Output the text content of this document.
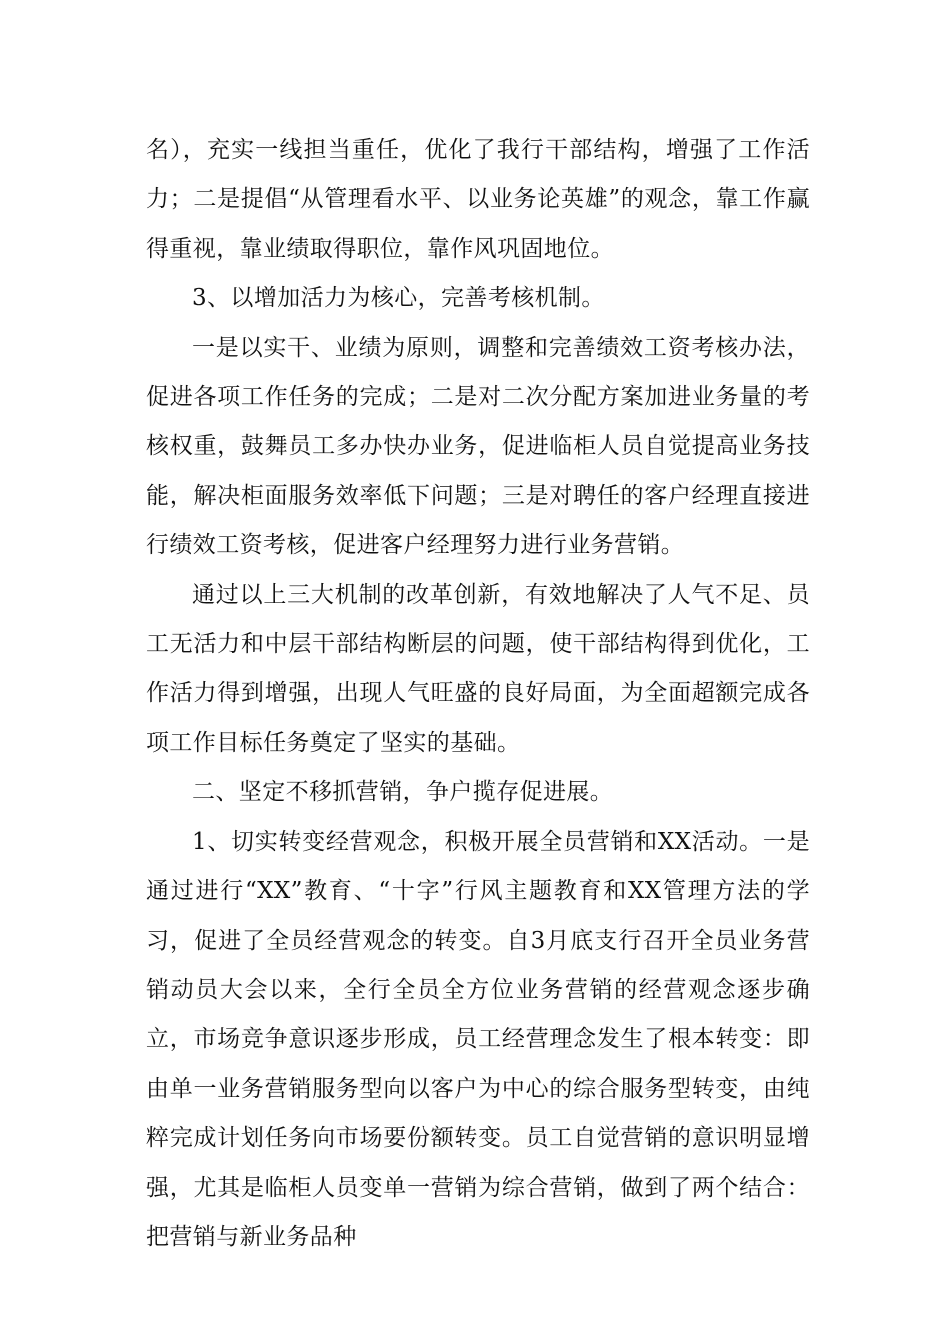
名），充实一线担当重任，优化了我行干部结构，增强了工作活力；二是提倡“从管理看水平、以业务论英雄”的观念，靠工作赢得重视，靠业绩取得职位，靠作风巩固地位。

3、以增加活力为核心，完善考核机制。

一是以实干、业绩为原则，调整和完善绩效工资考核办法，促进各项工作任务的完成；二是对二次分配方案加进业务量的考核权重，鼓舞员工多办快办业务，促进临柜人员自觉提高业务技能，解决柜面服务效率低下问题；三是对聘任的客户经理直接进行绩效工资考核，促进客户经理努力进行业务营销。

通过以上三大机制的改革创新，有效地解决了人气不足、员工无活力和中层干部结构断层的问题，使干部结构得到优化，工作活力得到增强，出现人气旺盛的良好局面，为全面超额完成各项工作目标任务奠定了坚实的基础。

二、坚定不移抓营销，争户揽存促进展。

1、切实转变经营观念，积极开展全员营销和XX活动。一是通过进行“XX”教育、“十字”行风主题教育和XX管理方法的学习，促进了全员经营观念的转变。自3月底支行召开全员业务营销动员大会以来，全行全员全方位业务营销的经营观念逐步确立，市场竞争意识逐步形成，员工经营理念发生了根本转变：即由单一业务营销服务型向以客户为中心的综合服务型转变，由纯粹完成计划任务向市场要份额转变。员工自觉营销的意识明显增强，尤其是临柜人员变单一营销为综合营销，做到了两个结合：把营销与新业务品种
